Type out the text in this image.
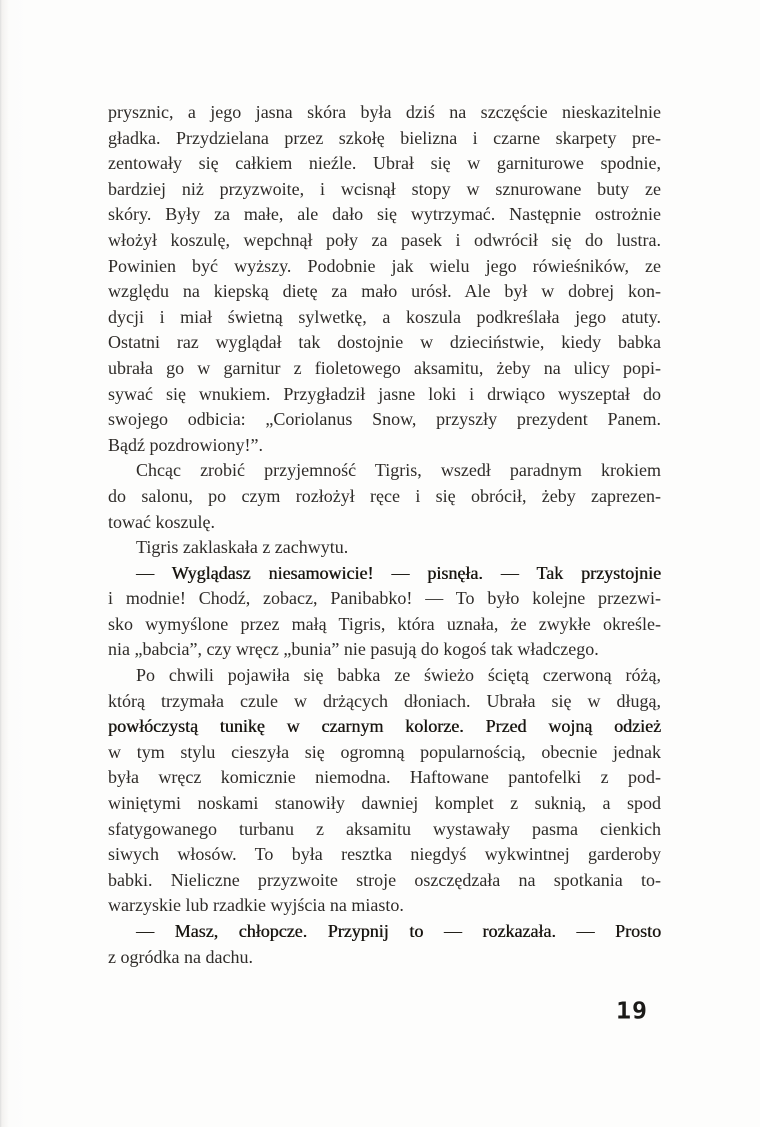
prysznic, a jego jasna skóra była dziś na szczęście nieskazitelnie
gładka. Przydzielana przez szkołę bielizna i czarne skarpety pre-
zentowały się całkiem nieźle. Ubrał się w garniturowe spodnie,
bardziej niż przyzwoite, i wcisnął stopy w sznurowane buty ze
skóry. Były za małe, ale dało się wytrzymać. Następnie ostrożnie
włożył koszulę, wepchnął poły za pasek i odwrócił się do lustra.
Powinien być wyższy. Podobnie jak wielu jego rówieśników, ze
względu na kiepską dietę za mało urósł. Ale był w dobrej kon-
dycji i miał świetną sylwetkę, a koszula podkreślała jego atuty.
Ostatni raz wyglądał tak dostojnie w dzieciństwie, kiedy babka
ubrała go w garnitur z fioletowego aksamitu, żeby na ulicy popi-
sywać się wnukiem. Przygładził jasne loki i drwiąco wyszeptał do
swojego odbicia: „Coriolanus Snow, przyszły prezydent Panem.
Bądź pozdrowiony!”.
Chcąc zrobić przyjemność Tigris, wszedł paradnym krokiem
do salonu, po czym rozłożył ręce i się obrócił, żeby zaprezen-
tować koszulę.
Tigris zaklaskała z zachwytu.
— Wyglądasz niesamowicie! — pisnęła. — Tak przystojnie
i modnie! Chodź, zobacz, Panibabko! — To było kolejne przezwi-
sko wymyślone przez małą Tigris, która uznała, że zwykłe określe-
nia „babcia”, czy wręcz „bunia” nie pasują do kogoś tak władczego.
Po chwili pojawiła się babka ze świeżo ściętą czerwoną różą,
którą trzymała czule w drżących dłoniach. Ubrała się w długą,
powłóczystą tunikę w czarnym kolorze. Przed wojną odzież
w tym stylu cieszyła się ogromną popularnością, obecnie jednak
była wręcz komicznie niemodna. Haftowane pantofelki z pod-
winiętymi noskami stanowiły dawniej komplet z suknią, a spod
sfatygowanego turbanu z aksamitu wystawały pasma cienkich
siwych włosów. To była resztka niegdyś wykwintnej garderoby
babki. Nieliczne przyzwoite stroje oszczędzała na spotkania to-
warzyskie lub rzadkie wyjścia na miasto.
— Masz, chłopcze. Przypnij to — rozkazała. — Prosto
z ogródka na dachu.
19
